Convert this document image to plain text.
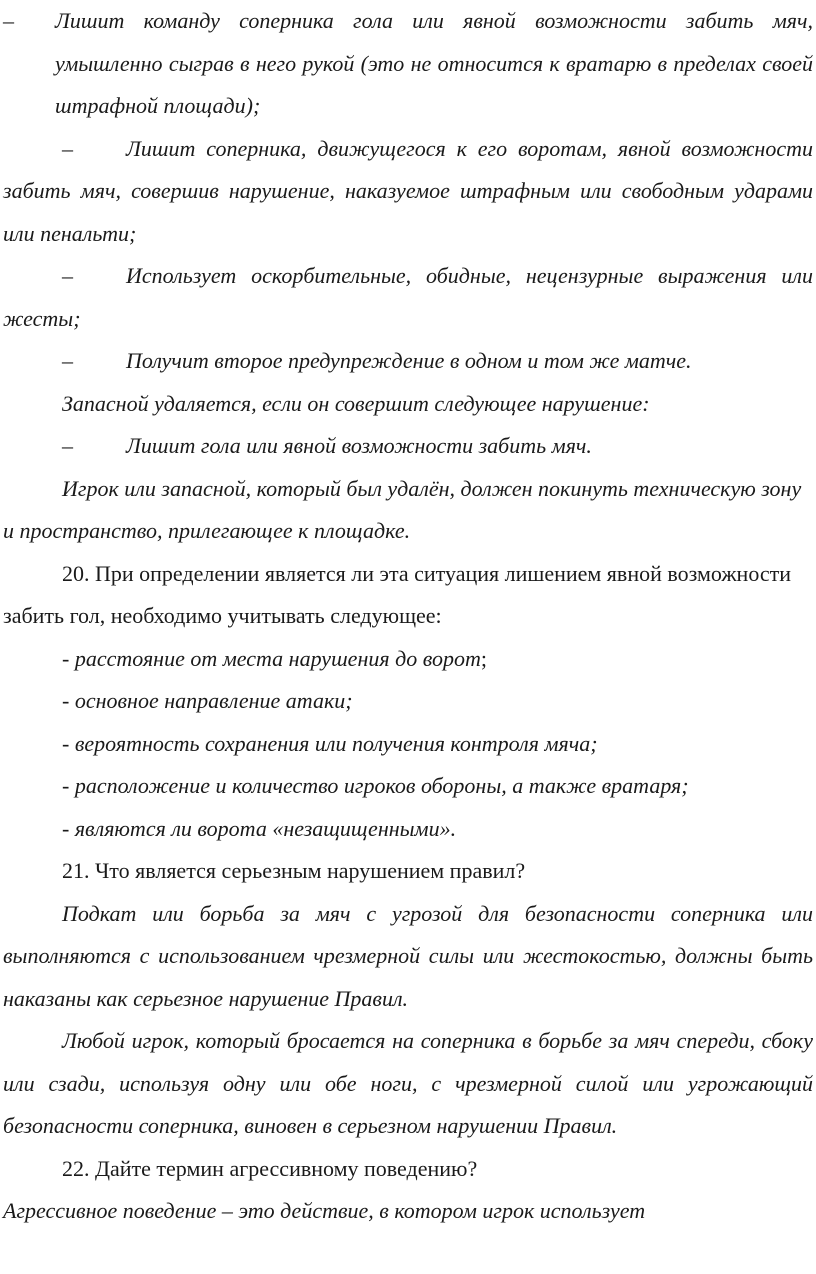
– Лишит команду соперника гола или явной возможности забить мяч, умышленно сыграв в него рукой (это не относится к вратарю в пределах своей штрафной площади);

– Лишит соперника, движущегося к его воротам, явной возможности забить мяч, совершив нарушение, наказуемое штрафным или свободным ударами или пенальти;

– Использует оскорбительные, обидные, нецензурные выражения или жесты;

– Получит второе предупреждение в одном и том же матче.

Запасной удаляется, если он совершит следующее нарушение:

– Лишит гола или явной возможности забить мяч.

Игрок или запасной, который был удалён, должен покинуть техническую зону и пространство, прилегающее к площадке.

20. При определении является ли эта ситуация лишением явной возможности забить гол, необходимо учитывать следующее:

- расстояние от места нарушения до ворот;

- основное направление атаки;

- вероятность сохранения или получения контроля мяча;

- расположение и количество игроков обороны, а также вратаря;

- являются ли ворота «незащищенными».

21. Что является серьезным нарушением правил?

Подкат или борьба за мяч с угрозой для безопасности соперника или выполняются с использованием чрезмерной силы или жестокостью, должны быть наказаны как серьезное нарушение Правил.

Любой игрок, который бросается на соперника в борьбе за мяч спереди, сбоку или сзади, используя одну или обе ноги, с чрезмерной силой или угрожающий безопасности соперника, виновен в серьезном нарушении Правил.

22. Дайте термин агрессивному поведению?

Агрессивное поведение – это действие, в котором игрок использует
